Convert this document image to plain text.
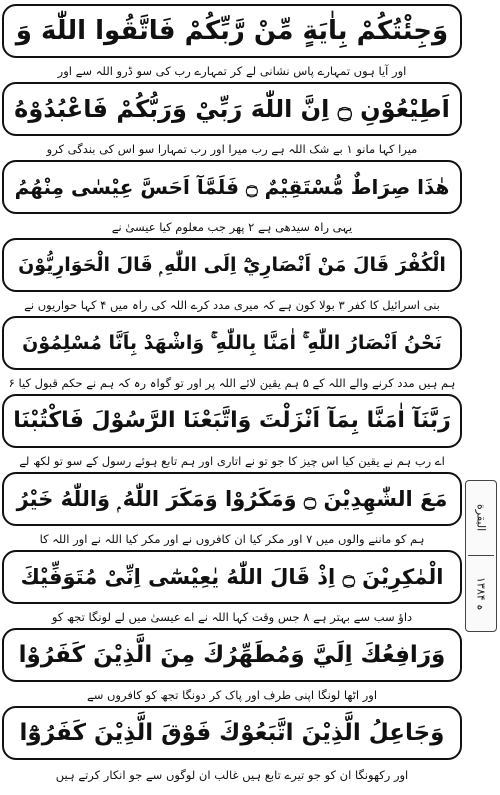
وَجِئْتُكُمْ بِاٰيَةٍ مِّنْ رَّبِّكُمْ فَاتَّقُوا اللّٰهَ وَ
اور آیا ہوں تمہارے پاس نشانی لے کر تمہارے رب کی سو ڈرو اللہ سے اور
اَطِيْعُوْنِ ۝ اِنَّ اللّٰهَ رَبِّيْ وَرَبُّكُمْ فَاعْبُدُوْهُ
میرا کہا مانو ۱ بے شک اللہ ہے رب میرا اور رب تمہارا سو اس کی بندگی کرو
هٰذَا صِرَاطٌ مُّسْتَقِيْمٌ ۝ فَلَمَّآ اَحَسَّ عِيْسٰى مِنْهُمُ
یہی راہ سیدھی ہے ۲ پھر جب معلوم کیا عیسیٰ نے
الْكُفْرَ قَالَ مَنْ اَنْصَارِيْٓ اِلَى اللّٰهِ ۭ قَالَ الْحَوَارِيُّوْنَ
بنی اسرائیل کا کفر ۳ بولا کون ہے کہ میری مدد کرے اللہ کی راہ میں ۴ کہا حواریوں نے
نَحْنُ اَنْصَارُ اللّٰهِ ۚ اٰمَنَّا بِاللّٰهِ ۚ وَاشْهَدْ بِاَنَّا مُسْلِمُوْنَ
ہم ہیں مدد کرنے والے اللہ کے ۵ ہم یقین لائے اللہ پر اور تو گواہ رہ کہ ہم نے حکم قبول کیا ۶
رَبَّنَآ اٰمَنَّا بِمَآ اَنْزَلْتَ وَاتَّبَعْنَا الرَّسُوْلَ فَاكْتُبْنَا
اے رب ہم نے یقین کیا اس چیز کا جو تو نے اتاری اور ہم تابع ہوئے رسول کے سو تو لکھ لے
مَعَ الشّٰهِدِيْنَ ۝ وَمَكَرُوْا وَمَكَرَ اللّٰهُ ۭ وَاللّٰهُ خَيْرُ
ہم کو ماننے والوں میں ۷ اور مکر کیا ان کافروں نے اور مکر کیا اللہ نے اور اللہ کا
الْمٰكِرِيْنَ ۝ اِذْ قَالَ اللّٰهُ يٰعِيْسٰٓى اِنِّىْ مُتَوَفِّيْكَ
داؤ سب سے بہتر ہے ۸ جس وقت کہا اللہ نے اے عیسیٰ میں لے لونگا تجھ کو
وَرَافِعُكَ اِلَيَّ وَمُطَهِّرُكَ مِنَ الَّذِيْنَ كَفَرُوْا
اور اٹھا لونگا اپنی طرف اور پاک کر دونگا تجھ کو کافروں سے
وَجَاعِلُ الَّذِيْنَ اتَّبَعُوْكَ فَوْقَ الَّذِيْنَ كَفَرُوْٓا
اور رکھونگا ان کو جو تیرے تابع ہیں غالب ان لوگوں سے جو انکار کرتے ہیں
البقرة
۱۳۸۴ ہ
